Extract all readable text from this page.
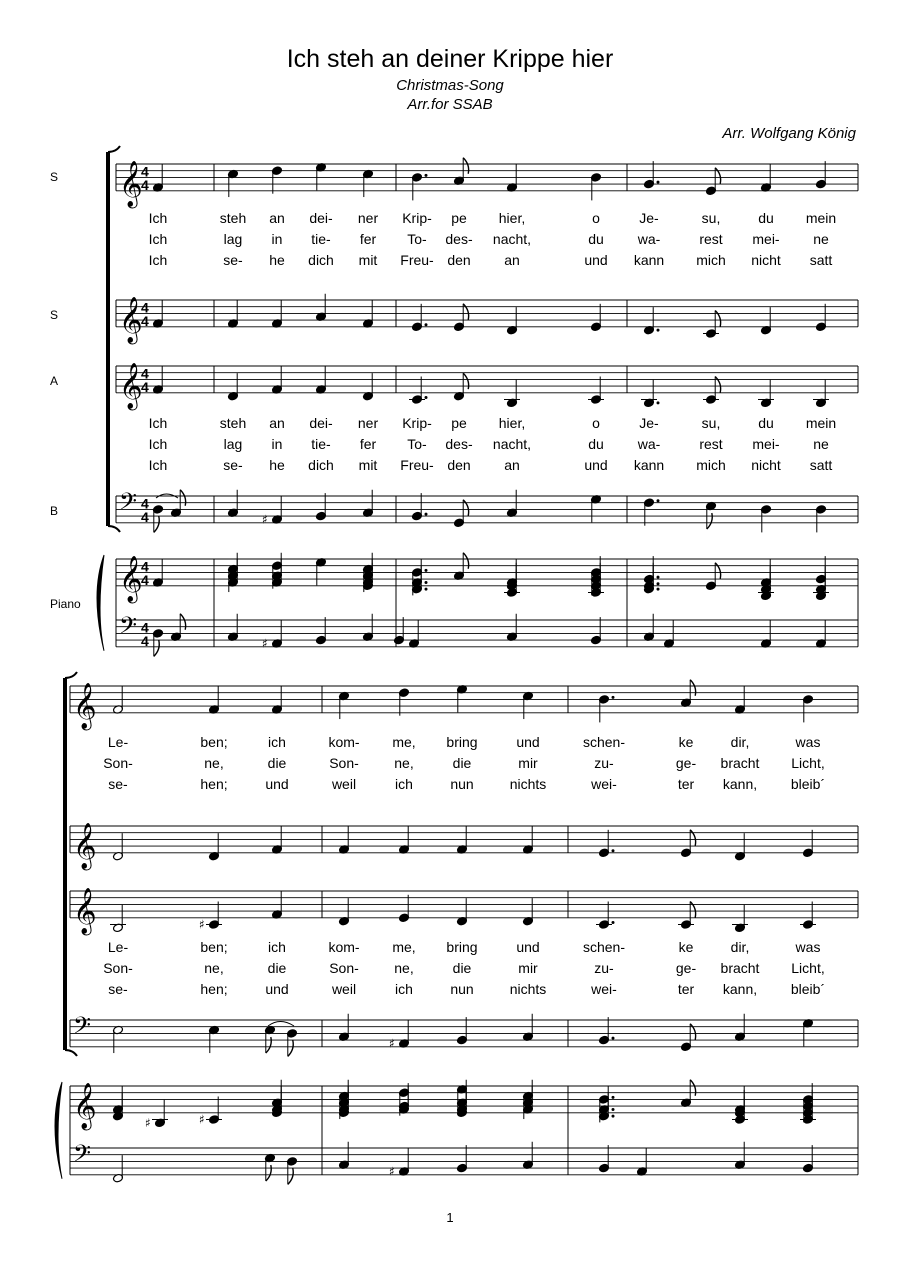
Ich steh an deiner Krippe hier
Christmas-Song
Arr.for SSAB
Arr. Wolfgang König
S
S
A
B
Piano
𝄞
4
4
𝄞
4
4
𝄞
4
4
𝄢 4
4
𝄞
4
4
𝄢 4
4
♯
♯
𝄞
𝄞
𝄞
𝄢
𝄞
𝄢
♯
♯
♯	♯
♯
Ich	steh an dei- ner Krip- pe hier,	o	Je-	su,	du mein
Ich	lag in tie- fer To- des- nacht,	du wa-	rest mei- ne
Ich	se- he dich mit Freu- den an	und kann mich nicht satt
Ich	steh an dei- ner Krip- pe hier,	o	Je-	su,	du mein
Ich	lag in tie- fer To- des- nacht,	du wa-	rest mei- ne
Ich	se- he dich mit Freu- den an	und kann mich nicht satt
Le-	ben;	ich	kom- me, bring	und	schen-	ke	dir,	was
Son-	ne,	die	Son-	ne,	die	mir	zu-	ge- bracht Licht,
se-	hen;	und	weil	ich	nun	nichts	wei-	ter kann, bleib´
Le-	ben;	ich	kom- me, bring	und	schen-	ke	dir,	was
Son-	ne,	die	Son-	ne,	die	mir	zu-	ge- bracht Licht,
se-	hen;	und	weil	ich	nun	nichts	wei-	ter kann, bleib´
1
